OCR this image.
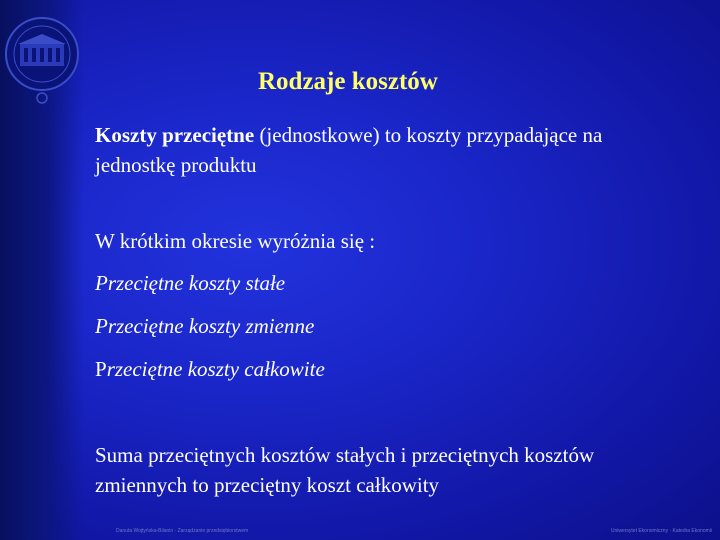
Rodzaje kosztów

Koszty przeciętne (jednostkowe) to koszty przypadające na
jednostkę produktu

W krótkim okresie wyróżnia się :

Przeciętne koszty stałe

Przeciętne koszty zmienne

Przeciętne koszty całkowite

Suma przeciętnych kosztów stałych i przeciętnych kosztów
zmiennych to przeciętny koszt całkowity

Danuta Wojtyńska-Bilanin · Zarządzanie przedsiębiorstwem	Uniwersytet Ekonomiczny · Katedra Ekonomii
